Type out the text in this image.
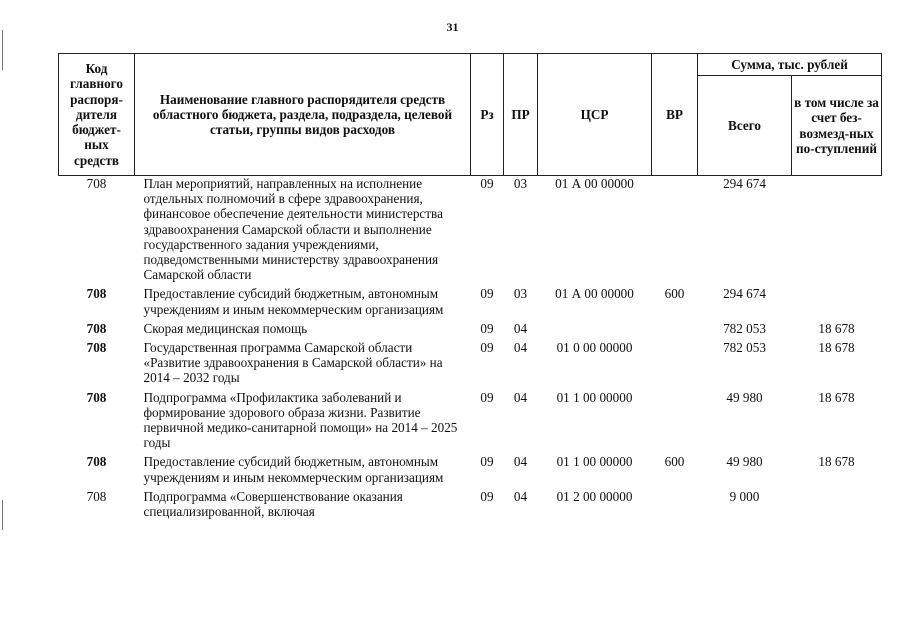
31
Код главного распоря-дителя бюджет-ных средств	Наименование главного распорядителя средств областного бюджета, раздела, подраздела, целевой статьи, группы видов расходов	Рз	ПР	ЦСР	ВР	Сумма, тыс. рублей	
						Всего	в том числе за счет без-возмезд-ных по-ступлений
708	План мероприятий, направленных на исполнение отдельных полномочий в сфере здравоохранения, финансовое обеспечение деятельности министерства здравоохранения Самарской области и выполнение государственного задания учреждениями, подведомственными министерству здравоохранения Самарской области	09	03	01 А 00 00000		294 674	
708	Предоставление субсидий бюджетным, автономным учреждениям и иным некоммерческим организациям	09	03	01 А 00 00000	600	294 674	
708	Скорая медицинская помощь	09	04			782 053	18 678
708	Государственная программа Самарской области «Развитие здравоохранения в Самарской области» на 2014 – 2032 годы	09	04	01 0 00 00000		782 053	18 678
708	Подпрограмма «Профилактика заболеваний и формирование здорового образа жизни. Развитие первичной медико-санитарной помощи» на 2014 – 2025 годы	09	04	01 1 00 00000		49 980	18 678
708	Предоставление субсидий бюджетным, автономным учреждениям и иным некоммерческим организациям	09	04	01 1 00 00000	600	49 980	18 678
708	Подпрограмма «Совершенствование оказания специализированной, включая	09	04	01 2 00 00000		9 000	
